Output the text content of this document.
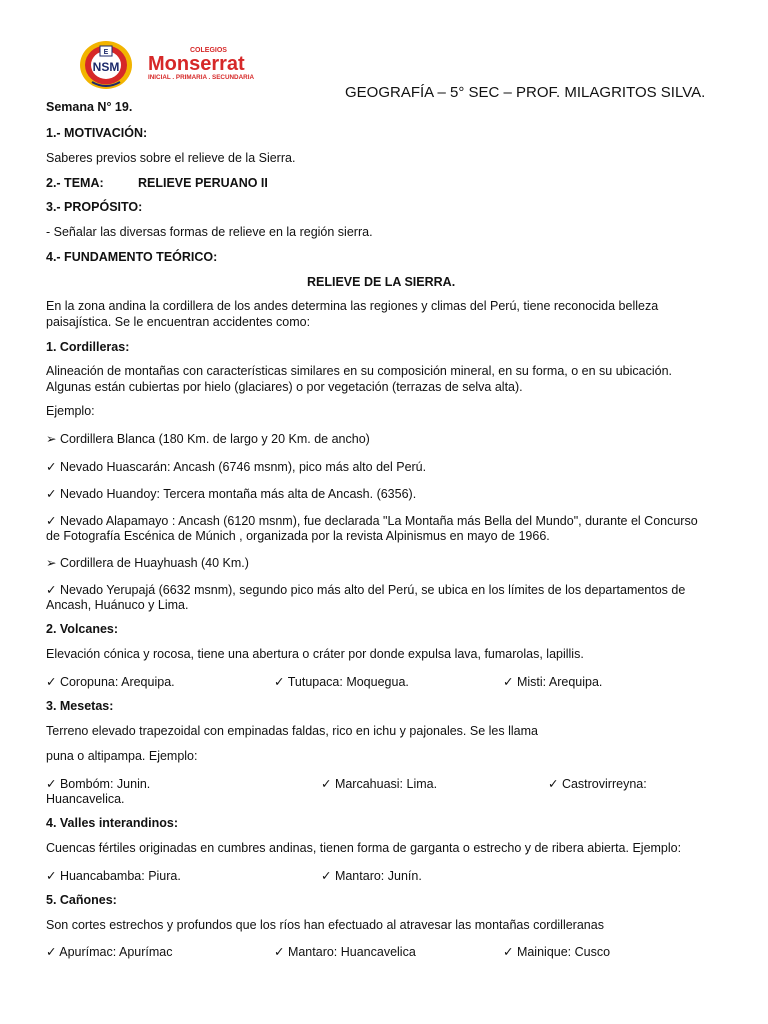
E
NSM
COLEGIOS
Monserrat
INICIAL . PRIMARIA . SECUNDARIA
GEOGRAFÍA – 5° SEC – PROF. MILAGRITOS SILVA.
Semana N° 19.
1.- MOTIVACIÓN:
Saberes previos sobre el relieve de la Sierra.
2.- TEMA:	RELIEVE PERUANO II
3.- PROPÓSITO:
- Señalar las diversas formas de relieve en la región sierra.
4.- FUNDAMENTO TEÓRICO:
RELIEVE DE LA SIERRA.
En la zona andina la cordillera de los andes determina las regiones y climas del Perú, tiene reconocida belleza
paisajística. Se le encuentran accidentes como:
1. Cordilleras:
Alineación de montañas con características similares en su composición mineral, en su forma, o en su ubicación.
Algunas están cubiertas por hielo (glaciares) o por vegetación (terrazas de selva alta).
Ejemplo:
➢ Cordillera Blanca (180 Km. de largo y 20 Km. de ancho)
✓ Nevado Huascarán: Ancash (6746 msnm), pico más alto del Perú.
✓ Nevado Huandoy: Tercera montaña más alta de Ancash. (6356).
✓ Nevado Alapamayo : Ancash (6120 msnm), fue declarada "La Montaña más Bella del Mundo", durante el Concurso
de Fotografía Escénica de Múnich , organizada por la revista Alpinismus en mayo de 1966.
➢ Cordillera de Huayhuash (40 Km.)
✓ Nevado Yerupajá (6632 msnm), segundo pico más alto del Perú, se ubica en los límites de los departamentos de
Ancash, Huánuco y Lima.
2. Volcanes:
Elevación cónica y rocosa, tiene una abertura o cráter por donde expulsa lava, fumarolas, lapillis.
✓ Coropuna: Arequipa.	✓ Tutupaca: Moquegua.	✓ Misti: Arequipa.
3. Mesetas:
Terreno elevado trapezoidal con empinadas faldas, rico en ichu y pajonales. Se les llama
puna o altipampa. Ejemplo:
✓ Bombóm: Junin.	✓ Marcahuasi: Lima.	✓ Castrovirreyna:
Huancavelica.
4. Valles interandinos:
Cuencas fértiles originadas en cumbres andinas, tienen forma de garganta o estrecho y de ribera abierta. Ejemplo:
✓ Huancabamba: Piura.	✓ Mantaro: Junín.
5. Cañones:
Son cortes estrechos y profundos que los ríos han efectuado al atravesar las montañas cordilleranas
✓ Apurímac: Apurímac	✓ Mantaro: Huancavelica	✓ Mainique: Cusco
